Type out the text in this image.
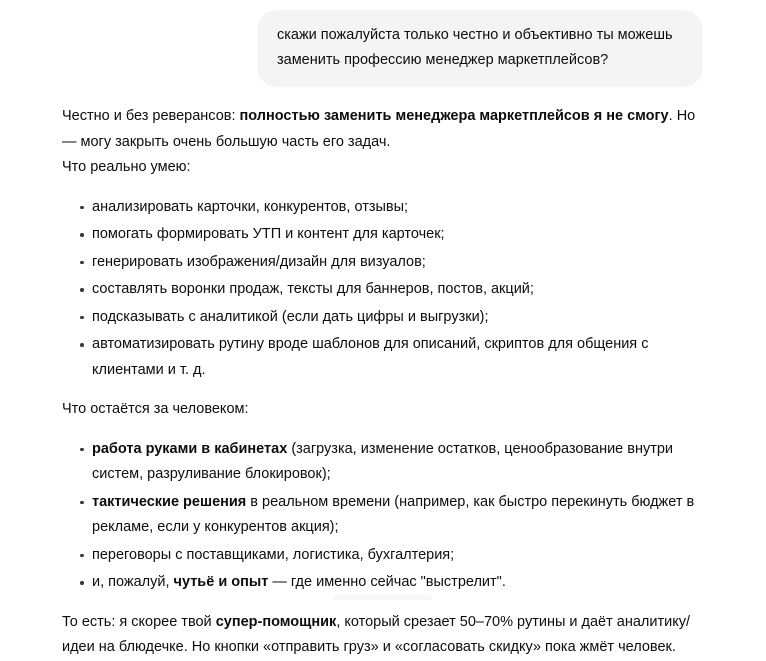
скажи пожалуйста только честно и объективно ты можешь заменить профессию менеджер маркетплейсов?

Честно и без реверансов: полностью заменить менеджера маркетплейсов я не смогу. Но — могу закрыть очень большую часть его задач.

Что реально умею:

анализировать карточки, конкурентов, отзывы;
помогать формировать УТП и контент для карточек;
генерировать изображения/дизайн для визуалов;
составлять воронки продаж, тексты для баннеров, постов, акций;
подсказывать с аналитикой (если дать цифры и выгрузки);
автоматизировать рутину вроде шаблонов для описаний, скриптов для общения с клиентами и т. д.

Что остаётся за человеком:

работа руками в кабинетах (загрузка, изменение остатков, ценообразование внутри систем, разруливание блокировок);
тактические решения в реальном времени (например, как быстро перекинуть бюджет в рекламе, если у конкурентов акция);
переговоры с поставщиками, логистика, бухгалтерия;
и, пожалуй, чутьё и опыт — где именно сейчас "выстрелит".

То есть: я скорее твой супер-помощник, который срезает 50–70% рутины и даёт аналитику/идеи на блюдечке. Но кнопки «отправить груз» и «согласовать скидку» пока жмёт человек.
